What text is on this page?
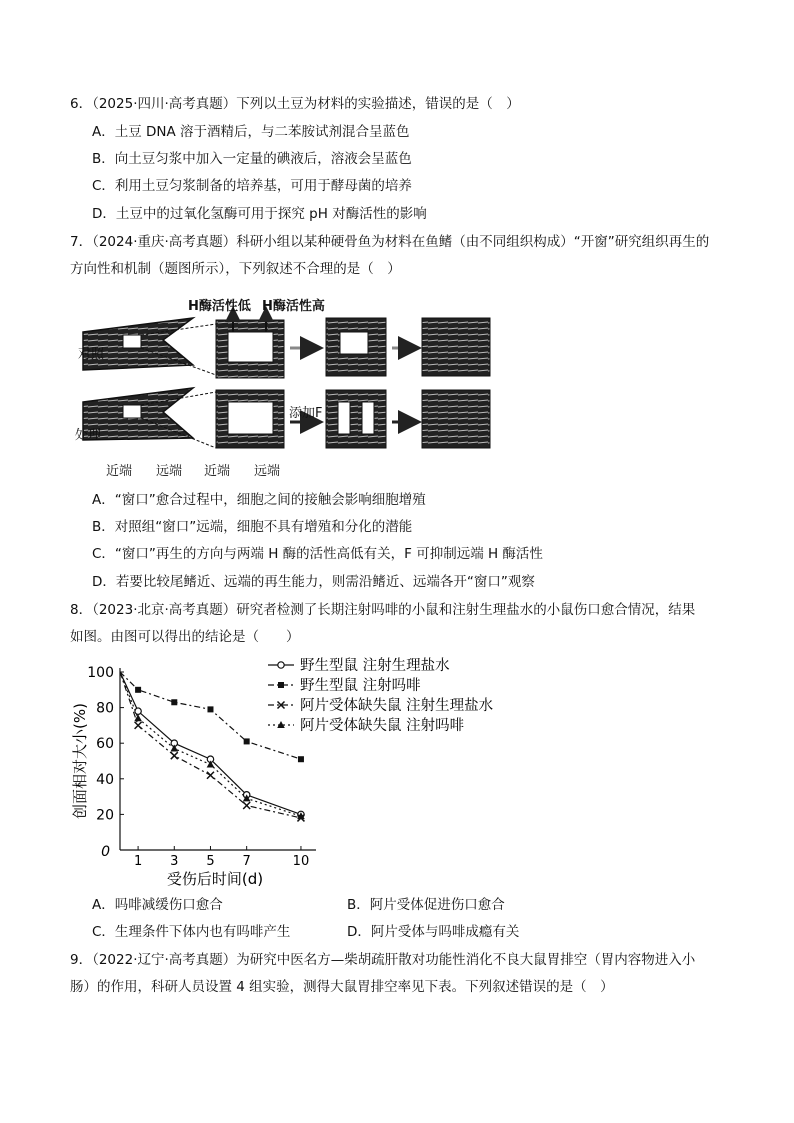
6．（2025·四川·高考真题）下列以土豆为材料的实验描述，错误的是（　）
A．土豆 DNA 溶于酒精后，与二苯胺试剂混合呈蓝色
B．向土豆匀浆中加入一定量的碘液后，溶液会呈蓝色
C．利用土豆匀浆制备的培养基，可用于酵母菌的培养
D．土豆中的过氧化氢酶可用于探究 pH 对酶活性的影响
7．（2024·重庆·高考真题）科研小组以某种硬骨鱼为材料在鱼鳍（由不同组织构成）“开窗”研究组织再生的
方向性和机制（题图所示），下列叙述不合理的是（　）
H酶活性低 H酶活性高
对照
处理
添加F
近端 远端 近端 远端
A．“窗口”愈合过程中，细胞之间的接触会影响细胞增殖
B．对照组“窗口”远端，细胞不具有增殖和分化的潜能
C．“窗口”再生的方向与两端 H 酶的活性高低有关，F 可抑制远端 H 酶活性
D．若要比较尾鳍近、远端的再生能力，则需沿鳍近、远端各开“窗口”观察
8．（2023·北京·高考真题）研究者检测了长期注射吗啡的小鼠和注射生理盐水的小鼠伤口愈合情况，结果
如图。由图可以得出的结论是（　　）
0
20
40
60
80
100
1 3 5 7	10
受伤后时间(d)
创面相对大小(%)
野生型鼠 注射生理盐水
野生型鼠 注射吗啡
阿片受体缺失鼠 注射生理盐水
阿片受体缺失鼠 注射吗啡
A．吗啡减缓伤口愈合	B．阿片受体促进伤口愈合
C．生理条件下体内也有吗啡产生	D．阿片受体与吗啡成瘾有关
9．（2022·辽宁·高考真题）为研究中医名方—柴胡疏肝散对功能性消化不良大鼠胃排空（胃内容物进入小
肠）的作用，科研人员设置 4 组实验，测得大鼠胃排空率见下表。下列叙述错误的是（　）
